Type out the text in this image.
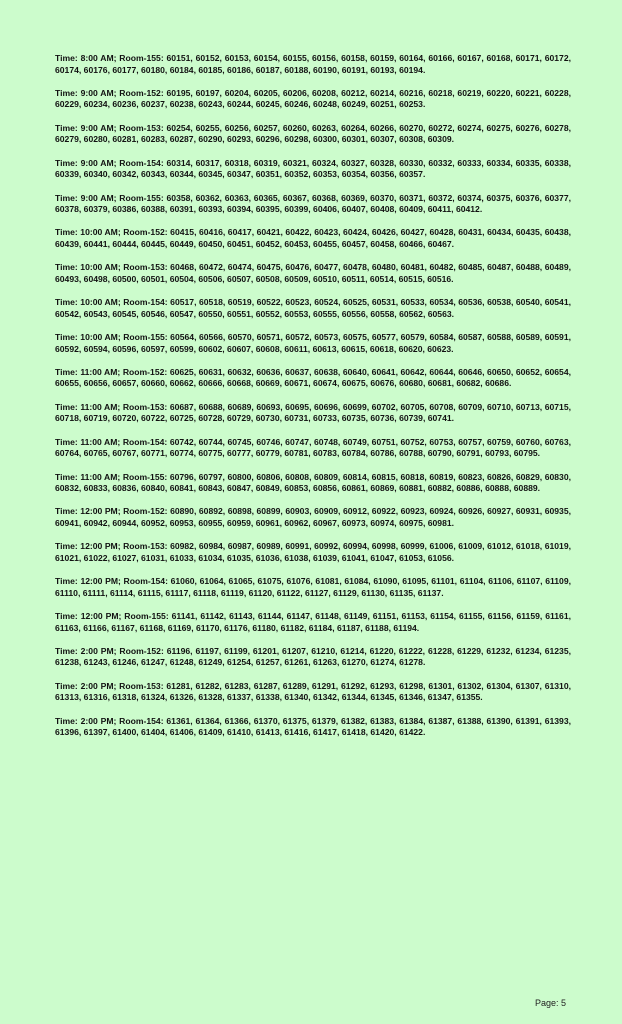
Time: 8:00 AM; Room-155: 60151, 60152, 60153, 60154, 60155, 60156, 60158, 60159, 60164, 60166, 60167, 60168, 60171, 60172, 60174, 60176, 60177, 60180, 60184, 60185, 60186, 60187, 60188, 60190, 60191, 60193, 60194.

Time: 9:00 AM; Room-152: 60195, 60197, 60204, 60205, 60206, 60208, 60212, 60214, 60216, 60218, 60219, 60220, 60221, 60228, 60229, 60234, 60236, 60237, 60238, 60243, 60244, 60245, 60246, 60248, 60249, 60251, 60253.

Time: 9:00 AM; Room-153: 60254, 60255, 60256, 60257, 60260, 60263, 60264, 60266, 60270, 60272, 60274, 60275, 60276, 60278, 60279, 60280, 60281, 60283, 60287, 60290, 60293, 60296, 60298, 60300, 60301, 60307, 60308, 60309.

Time: 9:00 AM; Room-154: 60314, 60317, 60318, 60319, 60321, 60324, 60327, 60328, 60330, 60332, 60333, 60334, 60335, 60338, 60339, 60340, 60342, 60343, 60344, 60345, 60347, 60351, 60352, 60353, 60354, 60356, 60357.

Time: 9:00 AM; Room-155: 60358, 60362, 60363, 60365, 60367, 60368, 60369, 60370, 60371, 60372, 60374, 60375, 60376, 60377, 60378, 60379, 60386, 60388, 60391, 60393, 60394, 60395, 60399, 60406, 60407, 60408, 60409, 60411, 60412.

Time: 10:00 AM; Room-152: 60415, 60416, 60417, 60421, 60422, 60423, 60424, 60426, 60427, 60428, 60431, 60434, 60435, 60438, 60439, 60441, 60444, 60445, 60449, 60450, 60451, 60452, 60453, 60455, 60457, 60458, 60466, 60467.

Time: 10:00 AM; Room-153: 60468, 60472, 60474, 60475, 60476, 60477, 60478, 60480, 60481, 60482, 60485, 60487, 60488, 60489, 60493, 60498, 60500, 60501, 60504, 60506, 60507, 60508, 60509, 60510, 60511, 60514, 60515, 60516.

Time: 10:00 AM; Room-154: 60517, 60518, 60519, 60522, 60523, 60524, 60525, 60531, 60533, 60534, 60536, 60538, 60540, 60541, 60542, 60543, 60545, 60546, 60547, 60550, 60551, 60552, 60553, 60555, 60556, 60558, 60562, 60563.

Time: 10:00 AM; Room-155: 60564, 60566, 60570, 60571, 60572, 60573, 60575, 60577, 60579, 60584, 60587, 60588, 60589, 60591, 60592, 60594, 60596, 60597, 60599, 60602, 60607, 60608, 60611, 60613, 60615, 60618, 60620, 60623.

Time: 11:00 AM; Room-152: 60625, 60631, 60632, 60636, 60637, 60638, 60640, 60641, 60642, 60644, 60646, 60650, 60652, 60654, 60655, 60656, 60657, 60660, 60662, 60666, 60668, 60669, 60671, 60674, 60675, 60676, 60680, 60681, 60682, 60686.

Time: 11:00 AM; Room-153: 60687, 60688, 60689, 60693, 60695, 60696, 60699, 60702, 60705, 60708, 60709, 60710, 60713, 60715, 60718, 60719, 60720, 60722, 60725, 60728, 60729, 60730, 60731, 60733, 60735, 60736, 60739, 60741.

Time: 11:00 AM; Room-154: 60742, 60744, 60745, 60746, 60747, 60748, 60749, 60751, 60752, 60753, 60757, 60759, 60760, 60763, 60764, 60765, 60767, 60771, 60774, 60775, 60777, 60779, 60781, 60783, 60784, 60786, 60788, 60790, 60791, 60793, 60795.

Time: 11:00 AM; Room-155: 60796, 60797, 60800, 60806, 60808, 60809, 60814, 60815, 60818, 60819, 60823, 60826, 60829, 60830, 60832, 60833, 60836, 60840, 60841, 60843, 60847, 60849, 60853, 60856, 60861, 60869, 60881, 60882, 60886, 60888, 60889.

Time: 12:00 PM; Room-152: 60890, 60892, 60898, 60899, 60903, 60909, 60912, 60922, 60923, 60924, 60926, 60927, 60931, 60935, 60941, 60942, 60944, 60952, 60953, 60955, 60959, 60961, 60962, 60967, 60973, 60974, 60975, 60981.

Time: 12:00 PM; Room-153: 60982, 60984, 60987, 60989, 60991, 60992, 60994, 60998, 60999, 61006, 61009, 61012, 61018, 61019, 61021, 61022, 61027, 61031, 61033, 61034, 61035, 61036, 61038, 61039, 61041, 61047, 61053, 61056.

Time: 12:00 PM; Room-154: 61060, 61064, 61065, 61075, 61076, 61081, 61084, 61090, 61095, 61101, 61104, 61106, 61107, 61109, 61110, 61111, 61114, 61115, 61117, 61118, 61119, 61120, 61122, 61127, 61129, 61130, 61135, 61137.

Time: 12:00 PM; Room-155: 61141, 61142, 61143, 61144, 61147, 61148, 61149, 61151, 61153, 61154, 61155, 61156, 61159, 61161, 61163, 61166, 61167, 61168, 61169, 61170, 61176, 61180, 61182, 61184, 61187, 61188, 61194.

Time: 2:00 PM; Room-152: 61196, 61197, 61199, 61201, 61207, 61210, 61214, 61220, 61222, 61228, 61229, 61232, 61234, 61235, 61238, 61243, 61246, 61247, 61248, 61249, 61254, 61257, 61261, 61263, 61270, 61274, 61278.

Time: 2:00 PM; Room-153: 61281, 61282, 61283, 61287, 61289, 61291, 61292, 61293, 61298, 61301, 61302, 61304, 61307, 61310, 61313, 61316, 61318, 61324, 61326, 61328, 61337, 61338, 61340, 61342, 61344, 61345, 61346, 61347, 61355.

Time: 2:00 PM; Room-154: 61361, 61364, 61366, 61370, 61375, 61379, 61382, 61383, 61384, 61387, 61388, 61390, 61391, 61393, 61396, 61397, 61400, 61404, 61406, 61409, 61410, 61413, 61416, 61417, 61418, 61420, 61422.

Page: 5
